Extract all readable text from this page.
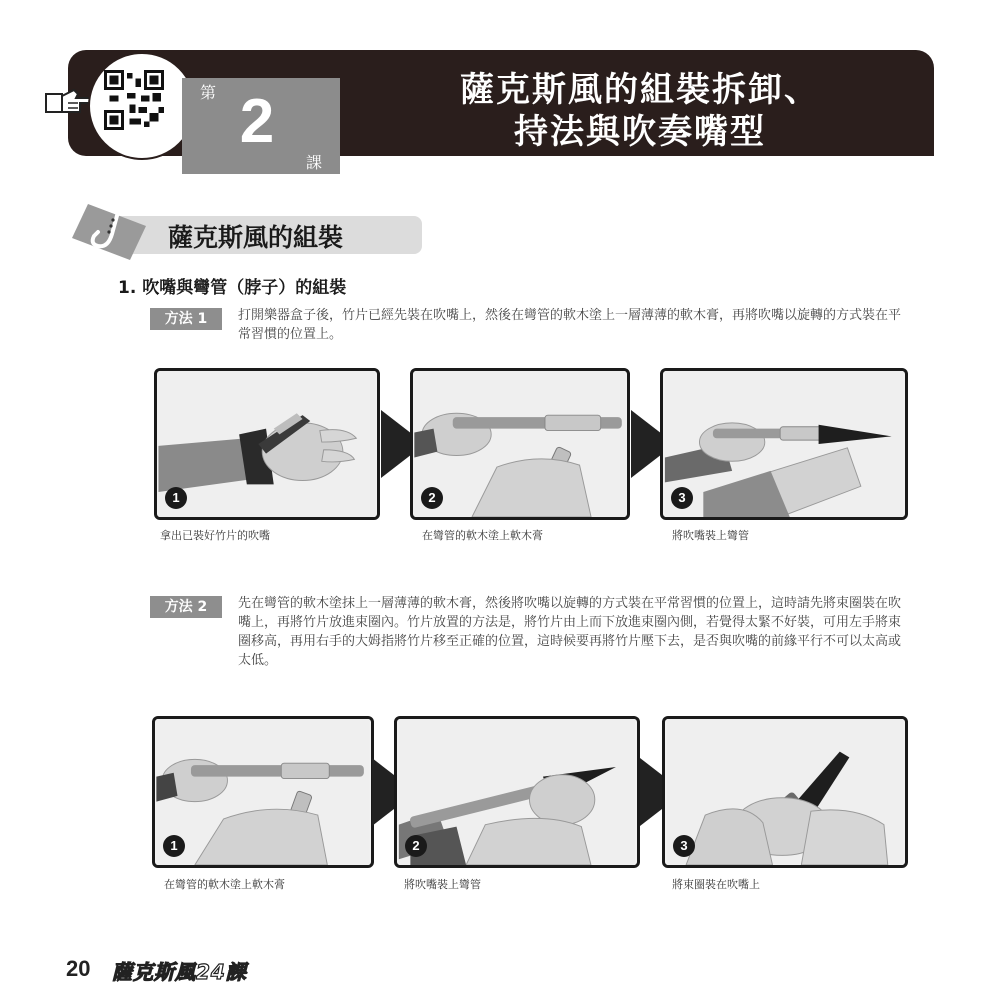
SAXOPHONE
第 2
課
薩克斯風的組裝拆卸、
持法與吹奏嘴型
薩克斯風的組裝
1. 吹嘴與彎管（脖子）的組裝
方法 1	打開樂器盒子後，竹片已經先裝在吹嘴上，然後在彎管的軟木塗上一層薄薄的軟木膏，再將吹嘴以旋轉的方式裝在平常習慣的位置上。
1	2	3
拿出已裝好竹片的吹嘴	在彎管的軟木塗上軟木膏	將吹嘴裝上彎管
方法 2	先在彎管的軟木塗抹上一層薄薄的軟木膏，然後將吹嘴以旋轉的方式裝在平常習慣的位置上，這時請先將束圈裝在吹嘴上，再將竹片放進束圈內。竹片放置的方法是，將竹片由上而下放進束圈內側，若覺得太緊不好裝，可用左手將束圈移高，再用右手的大姆指將竹片移至正確的位置，這時候要再將竹片壓下去，是否與吹嘴的前緣平行不可以太高或太低。
1	2	3
在彎管的軟木塗上軟木膏	將吹嘴裝上彎管	將束圈裝在吹嘴上
20 薩克斯風24課
